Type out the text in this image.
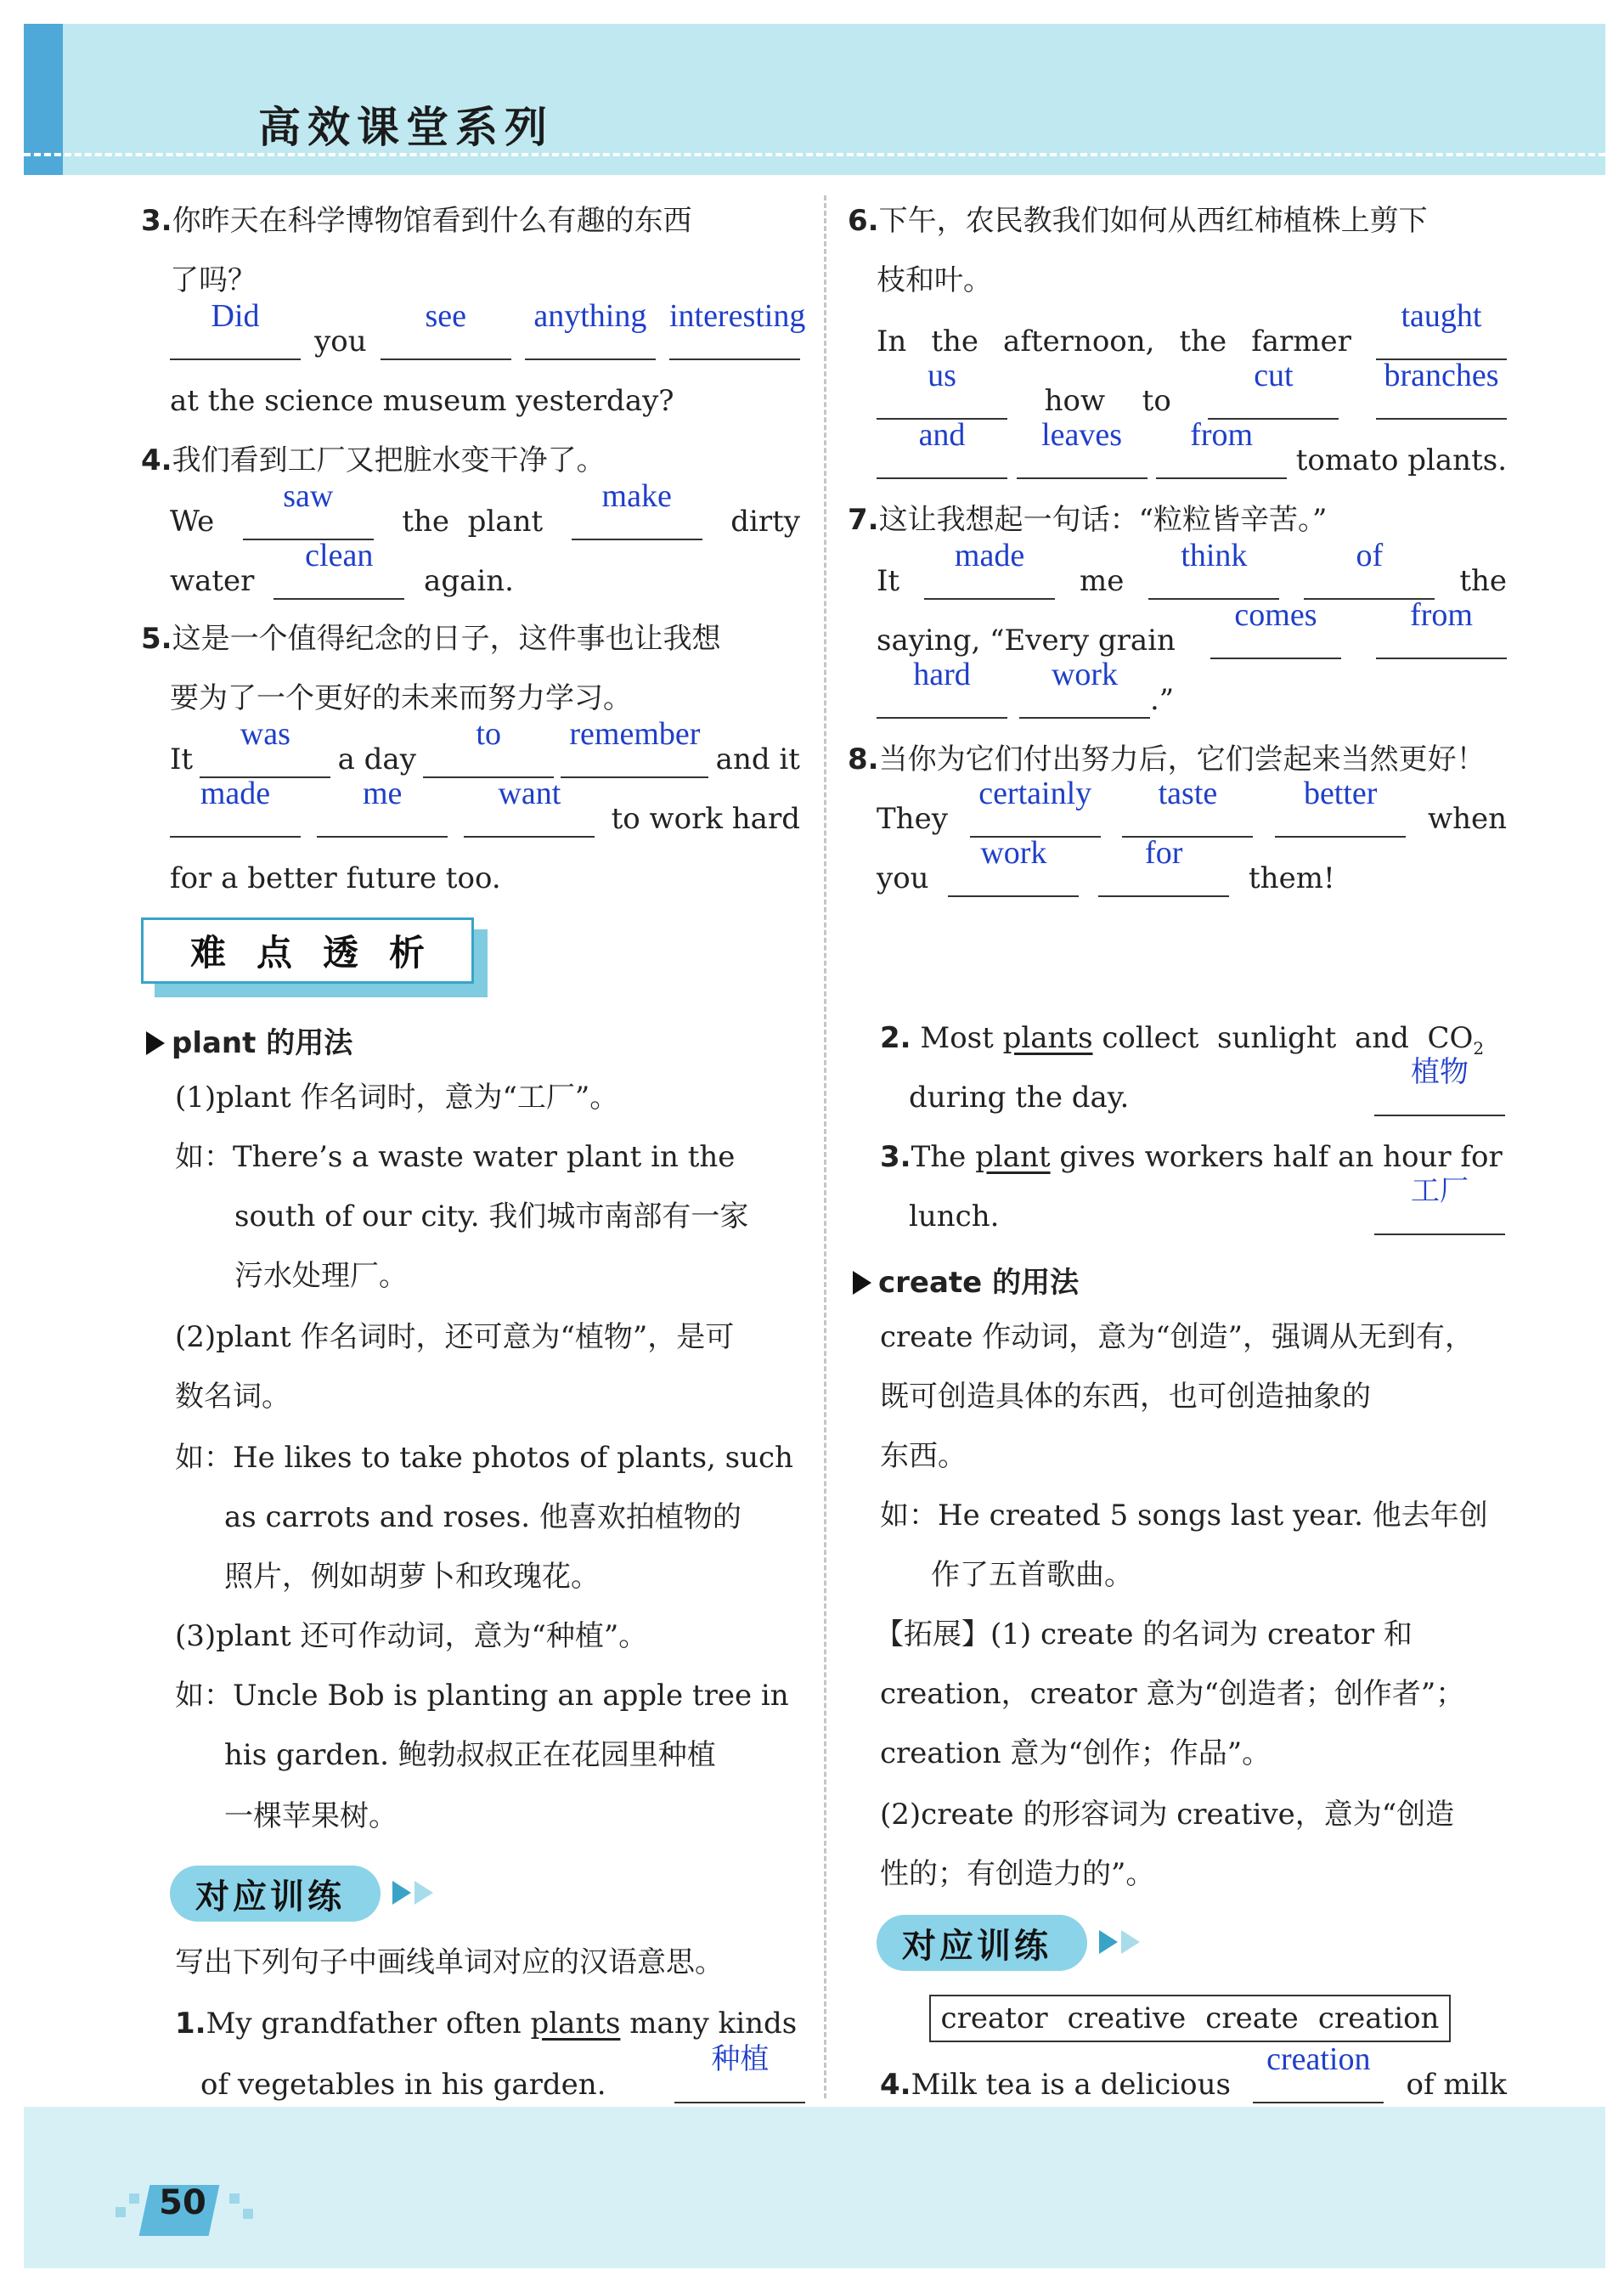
高效课堂系列
3.你昨天在科学博物馆看到什么有趣的东西
了吗？
Did
you
see	anything interesting
at the science museum yesterday?
4.我们看到工厂又把脏水变干净了。
We
saw
the  plant
make
dirty
water
clean
again.
5.这是一个值得纪念的日子，这件事也让我想
要为了一个更好的未来而努力学习。
It
was
a day
to	remember
and it
made	me	want
to work hard
for a better future too.
6.下午，农民教我们如何从西红柿植株上剪下
枝和叶。
In the afternoon, the farmer
taught
us
how to
cut	branches
and	leaves	from
tomato plants.
7.这让我想起一句话：“粒粒皆辛苦。”
It
made
me
think	of
the
saying, “Every grain
comes	from
hard	work
.”
8.当你为它们付出努力后，它们尝起来当然更好！
They
certainly	taste	better
when
you
work
	for
them!
难点透析
plant 的用法
(1)plant 作名词时，意为“工厂”。
如：There’s a waste water plant in the
south of our city. 我们城市南部有一家
污水处理厂。
(2)plant 作名词时，还可意为“植物”，是可
数名词。
如：He likes to take photos of plants, such
as carrots and roses. 他喜欢拍植物的
照片，例如胡萝卜和玫瑰花。
(3)plant 还可作动词，意为“种植”。
如：Uncle Bob is planting an apple tree in
his garden. 鲍勃叔叔正在花园里种植
一棵苹果树。
对应训练
写出下列句子中画线单词对应的汉语意思。
1.My grandfather often plants many kinds
of vegetables in his garden.
种植
2. Most plants collect  sunlight  and  $CO_2$
during the day.
植物
3.The plant gives workers half an hour for
lunch.
工厂
create 的用法
create 作动词，意为“创造”，强调从无到有，
既可创造具体的东西，也可创造抽象的
东西。
如：He created 5 songs last year. 他去年创
作了五首歌曲。
【拓展】(1) create 的名词为 creator 和
creation，creator 意为“创造者；创作者”；
creation 意为“创作；作品”。
(2)create 的形容词为 creative，意为“创造
性的；有创造力的”。
对应训练
creator creative create creation
4.Milk tea is a delicious
creation
of milk
50
